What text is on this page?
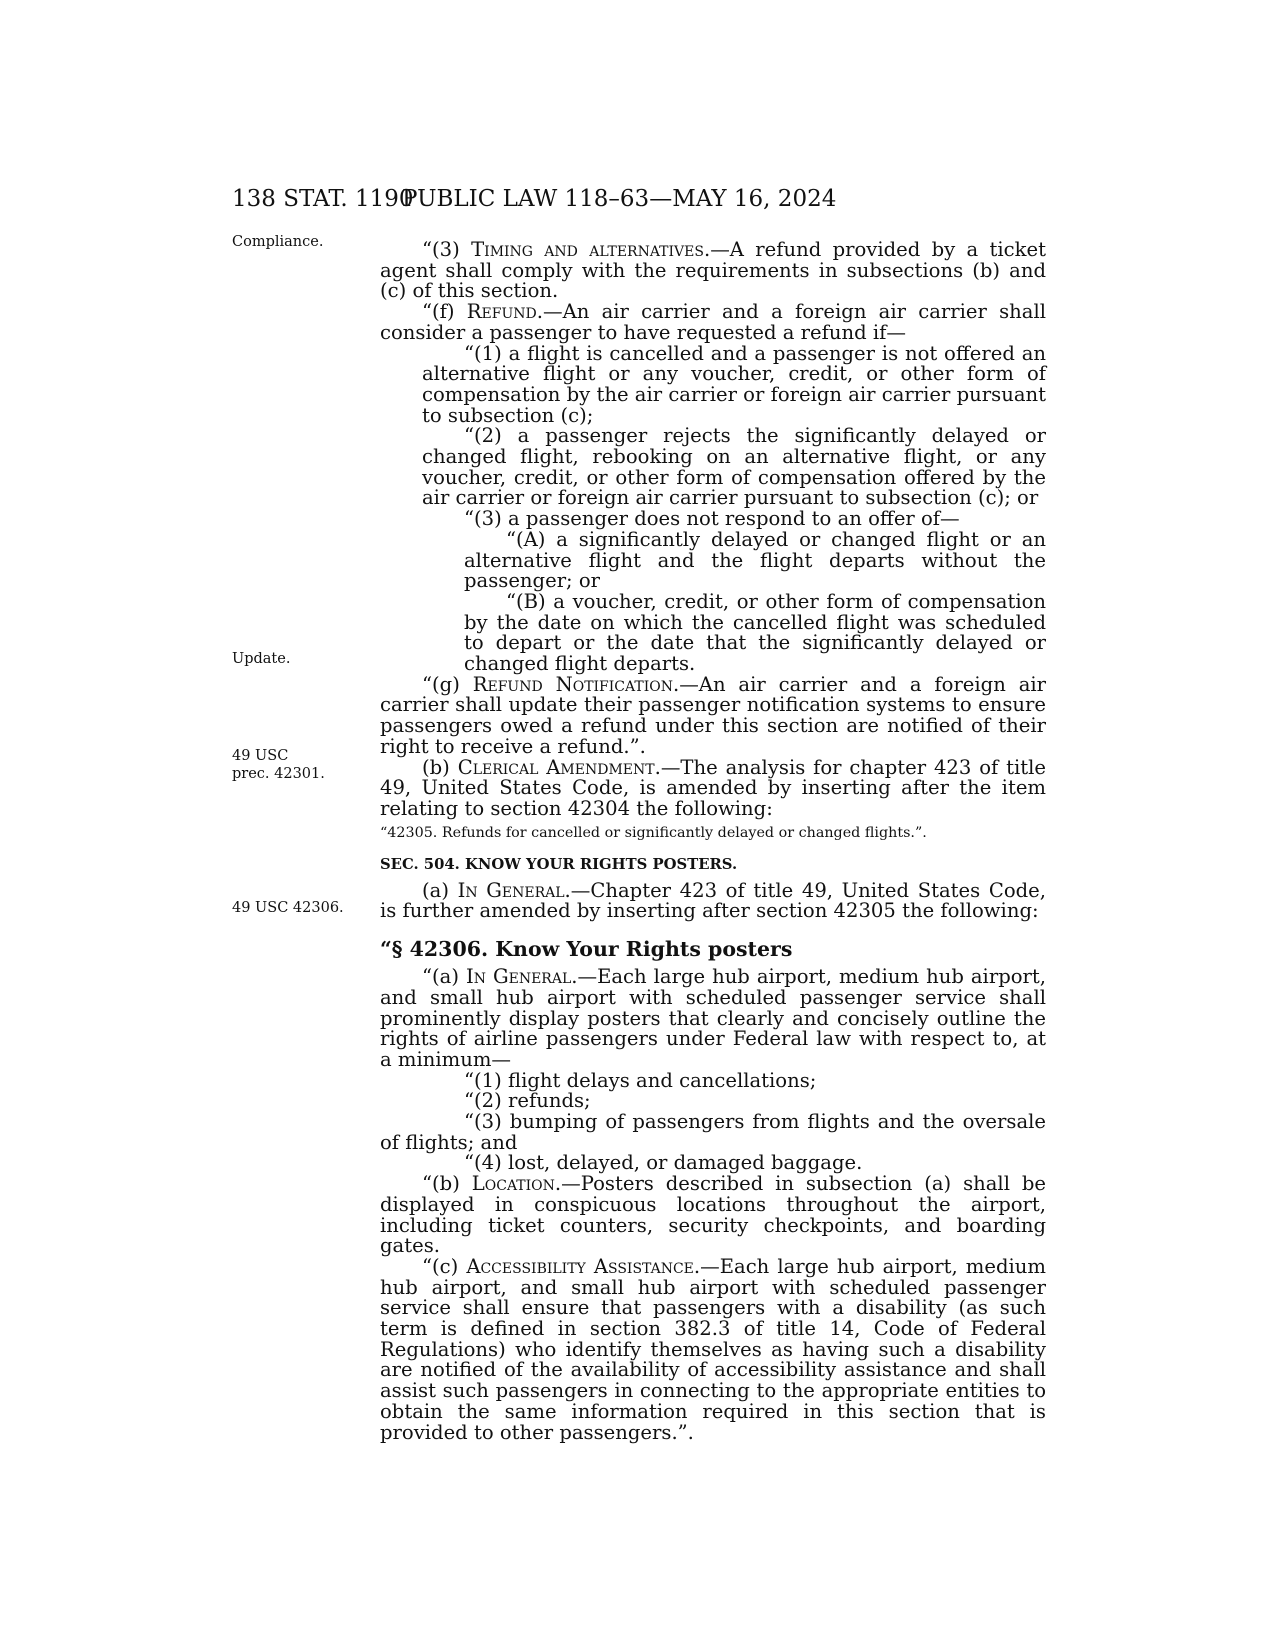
138 STAT. 1190
PUBLIC LAW 118–63—MAY 16, 2024
Compliance.
Update.
49 USC
prec. 42301.
49 USC 42306.

“(3) Timing and alternatives.—A refund provided by a ticket agent shall comply with the requirements in subsections (b) and (c) of this section.

“(f) Refund.—An air carrier and a foreign air carrier shall consider a passenger to have requested a refund if—

“(1) a flight is cancelled and a passenger is not offered an alternative flight or any voucher, credit, or other form of compensation by the air carrier or foreign air carrier pursuant to subsection (c);

“(2) a passenger rejects the significantly delayed or changed flight, rebooking on an alternative flight, or any voucher, credit, or other form of compensation offered by the air carrier or foreign air carrier pursuant to subsection (c); or

“(3) a passenger does not respond to an offer of—

“(A) a significantly delayed or changed flight or an alternative flight and the flight departs without the passenger; or

“(B) a voucher, credit, or other form of compensation by the date on which the cancelled flight was scheduled to depart or the date that the significantly delayed or changed flight departs.

“(g) Refund Notification.—An air carrier and a foreign air carrier shall update their passenger notification systems to ensure passengers owed a refund under this section are notified of their right to receive a refund.”.

(b) Clerical Amendment.—The analysis for chapter 423 of title 49, United States Code, is amended by inserting after the item relating to section 42304 the following:

“42305. Refunds for cancelled or significantly delayed or changed flights.”.

SEC. 504. KNOW YOUR RIGHTS POSTERS.

(a) In General.—Chapter 423 of title 49, United States Code, is further amended by inserting after section 42305 the following:

“§ 42306. Know Your Rights posters

“(a) In General.—Each large hub airport, medium hub airport, and small hub airport with scheduled passenger service shall prominently display posters that clearly and concisely outline the rights of airline passengers under Federal law with respect to, at a minimum—

“(1) flight delays and cancellations;

“(2) refunds;

“(3) bumping of passengers from flights and the oversale of flights; and

“(4) lost, delayed, or damaged baggage.

“(b) Location.—Posters described in subsection (a) shall be displayed in conspicuous locations throughout the airport, including ticket counters, security checkpoints, and boarding gates.

“(c) Accessibility Assistance.—Each large hub airport, medium hub airport, and small hub airport with scheduled passenger service shall ensure that passengers with a disability (as such term is defined in section 382.3 of title 14, Code of Federal Regulations) who identify themselves as having such a disability are notified of the availability of accessibility assistance and shall assist such passengers in connecting to the appropriate entities to obtain the same information required in this section that is provided to other passengers.”.
